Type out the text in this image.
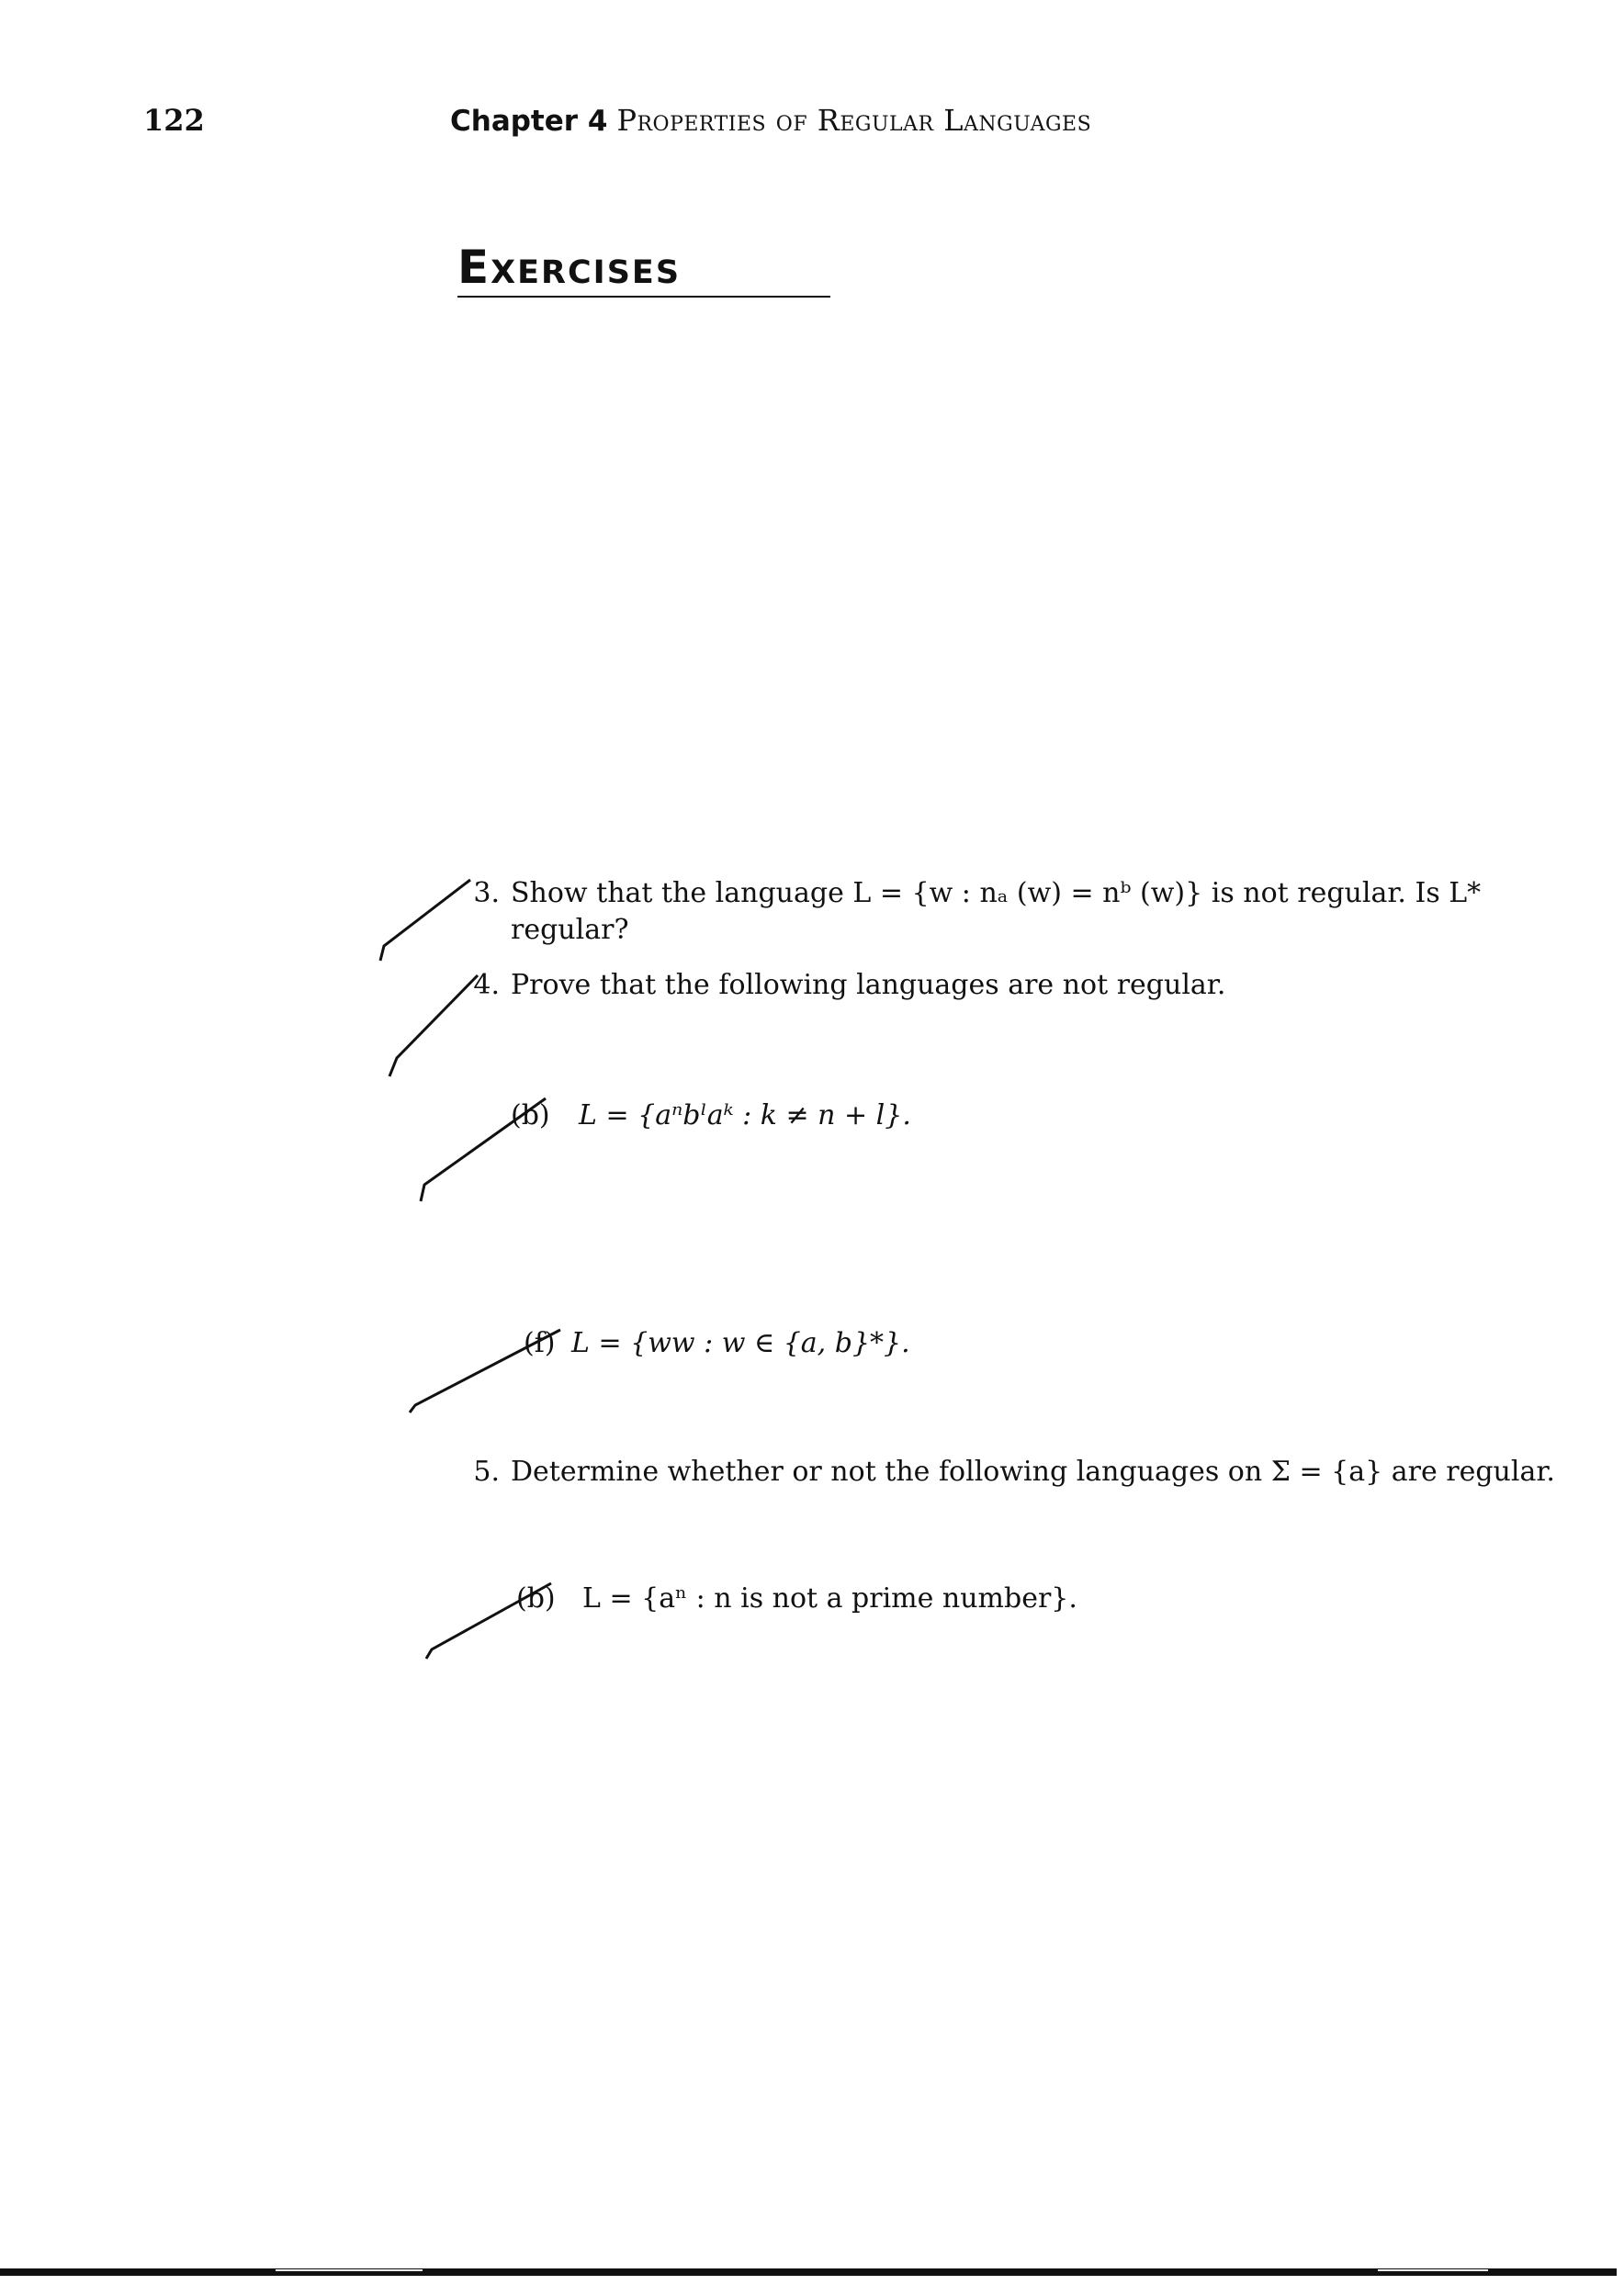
122	Chapter 4 Properties of Regular Languages
Exercises
3. Show that the language L = {w : nₐ (w) = nᵇ (w)} is not regular. Is L*
regular?
4. Prove that the following languages are not regular.
(b) L = {aⁿbˡaᵏ : k ≠ n + l}.
(f) L = {ww : w ∈ {a, b}*}.
5. Determine whether or not the following languages on Σ = {a} are regular.
(b) L = {aⁿ : n is not a prime number}.
